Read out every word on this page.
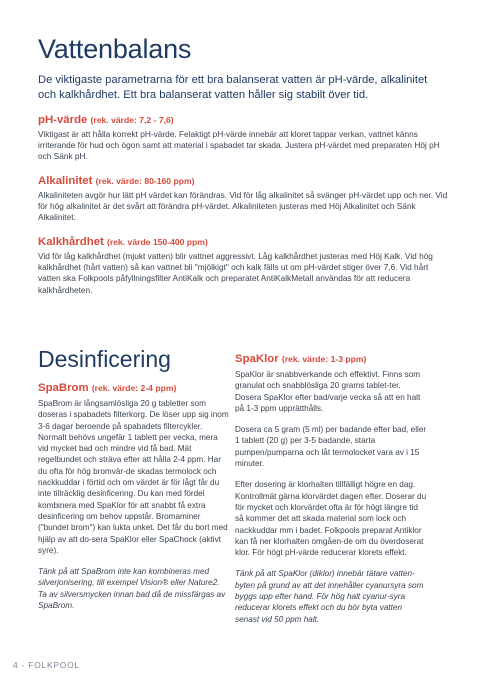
Vattenbalans

De viktigaste parametrarna för ett bra balanserat vatten är pH-värde, alkalinitet och kalkhårdhet. Ett bra balanserat vatten håller sig stabilt över tid.

pH-värde (rek. värde: 7,2 - 7,6)

Viktigast är att hålla korrekt pH-värde. Felaktigt pH-värde innebär att kloret tappar verkan, vattnet känns irriterande för hud och ögon samt att material i spabadet tar skada. Justera pH-värdet med preparaten Höj pH och Sänk pH.

Alkalinitet (rek. värde: 80-160 ppm)

Alkaliniteten avgör hur lätt pH värdet kan förändras. Vid för låg alkalinitet så svänger pH-värdet upp och ner. Vid för hög alkalinitet är det svårt att förändra pH-värdet. Alkaliniteten justeras med Höj Alkalinitet och Sänk Alkalinitet.

Kalkhårdhet (rek. värde 150-400 ppm)

Vid för låg kalkhårdhet (mjukt vatten) blir vattnet aggressivt. Låg kalkhårdhet justeras med Höj Kalk. Vid hög kalkhårdhet (hårt vatten) så kan vattnet bli "mjölkigt" och kalk fälls ut om pH-värdet stiger över 7,6. Vid hårt vatten ska Folkpools påfyllningsfilter AntiKalk och preparatet AntiKalkMetall användas för att reducera kalkhårdheten.

Desinficering
SpaBrom (rek. värde: 2-4 ppm)

SpaBrom är långsamlösliga 20 g tabletter som doseras i spabadets filterkorg. De löser upp sig inom 3-6 dagar beroende på spabadets filtercykler. Normalt behövs ungefär 1 tablett per vecka, mera vid mycket bad och mindre vid få bad. Mät regelbundet och sträva efter att hålla 2-4 ppm. Har du ofta för hög bromvär-de skadas termolock och nackkuddar i förtid och om värdet är för lågt får du inte tillräcklig desinficering. Du kan med fördel kombinera med SpaKlor för att snabbt få extra desinficering om behov uppstår. Bromaminer ("bundet brom") kan lukta unket. Det får du bort med hjälp av att do-sera SpaKlor eller SpaChock (aktivt syre).

Tänk på att SpaBrom inte kan kombineras med silverjonisering, till exempel Vision® eller Nature2. Ta av silversmycken innan bad då de missfärgas av SpaBrom.

SpaKlor (rek. värde: 1-3 ppm)

SpaKlor är snabbverkande och effektivt. Finns som granulat och snabblösliga 20 grams tablet-ter. Dosera SpaKlor efter bad/varje vecka så att en halt på 1-3 ppm upprätthålls.

Dosera ca 5 gram (5 ml) per badande efter bad, eller 1 tablett (20 g) per 3-5 badande, starta pumpen/pumparna och låt termolocket vara av i 15 minuter.

Efter dosering är klorhalten tillfälligt högre en dag. Kontrollmät gärna klorvärdet dagen efter. Doserar du för mycket och klorvärdet ofta är för högt längre tid så kommer det att skada material som lock och nackkuddar mm i badet. Folkpools preparat Antiklor kan få ner klorhalten omgåen-de om du överdoserat klor. För högt pH-värde reducerar klorets effekt.

Tänk på att SpaKlor (diklor) innebär tätare vatten-byten på grund av att det innehåller cyanursyra som byggs upp efter hand. För hög halt cyanur-syra reducerar klorets effekt och du bör byta vatten senast vid 50 ppm halt.

4 - FOLKPOOL
